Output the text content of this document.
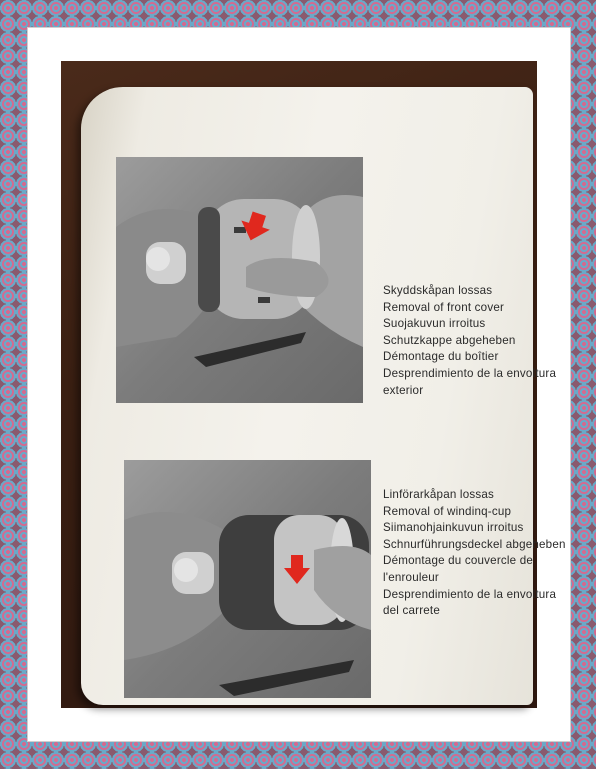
Skyddskåpan lossas
Removal of front cover
Suojakuvun irroitus
Schutzkappe abgeheben
Démontage du boîtier
Desprendimiento de la envoltura
exterior
Linförarkåpan lossas
Removal of windinq-cup
Siimanohjainkuvun irroitus
Schnurführungsdeckel abgeheben
Démontage du couvercle de
l'enrouleur
Desprendimiento de la envoltura
del carrete
